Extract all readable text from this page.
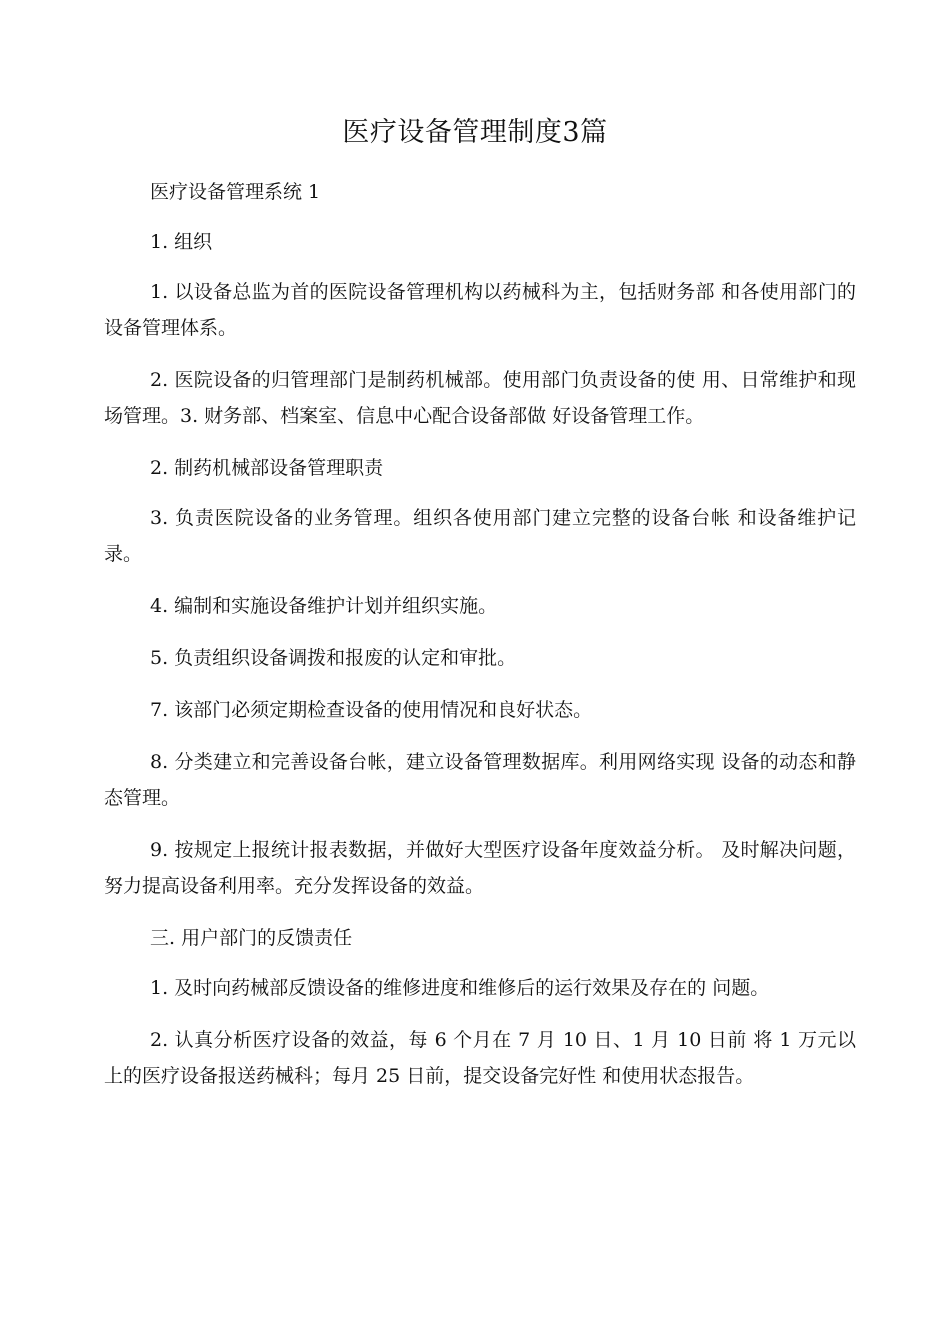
医疗设备管理制度3篇

医疗设备管理系统 1

1. 组织

1. 以设备总监为首的医院设备管理机构以药械科为主，包括财务部 和各使用部门的设备管理体系。

2. 医院设备的归管理部门是制药机械部。使用部门负责设备的使 用、日常维护和现场管理。3. 财务部、档案室、信息中心配合设备部做 好设备管理工作。

2. 制药机械部设备管理职责

3. 负责医院设备的业务管理。组织各使用部门建立完整的设备台帐 和设备维护记录。

4. 编制和实施设备维护计划并组织实施。

5. 负责组织设备调拨和报废的认定和审批。

7. 该部门必须定期检查设备的使用情况和良好状态。

8. 分类建立和完善设备台帐，建立设备管理数据库。利用网络实现 设备的动态和静态管理。

9. 按规定上报统计报表数据，并做好大型医疗设备年度效益分析。 及时解决问题，努力提高设备利用率。充分发挥设备的效益。

三. 用户部门的反馈责任

1. 及时向药械部反馈设备的维修进度和维修后的运行效果及存在的 问题。

2. 认真分析医疗设备的效益，每 6 个月在 7 月 10 日、1 月 10 日前 将 1 万元以上的医疗设备报送药械科；每月 25 日前，提交设备完好性 和使用状态报告。
